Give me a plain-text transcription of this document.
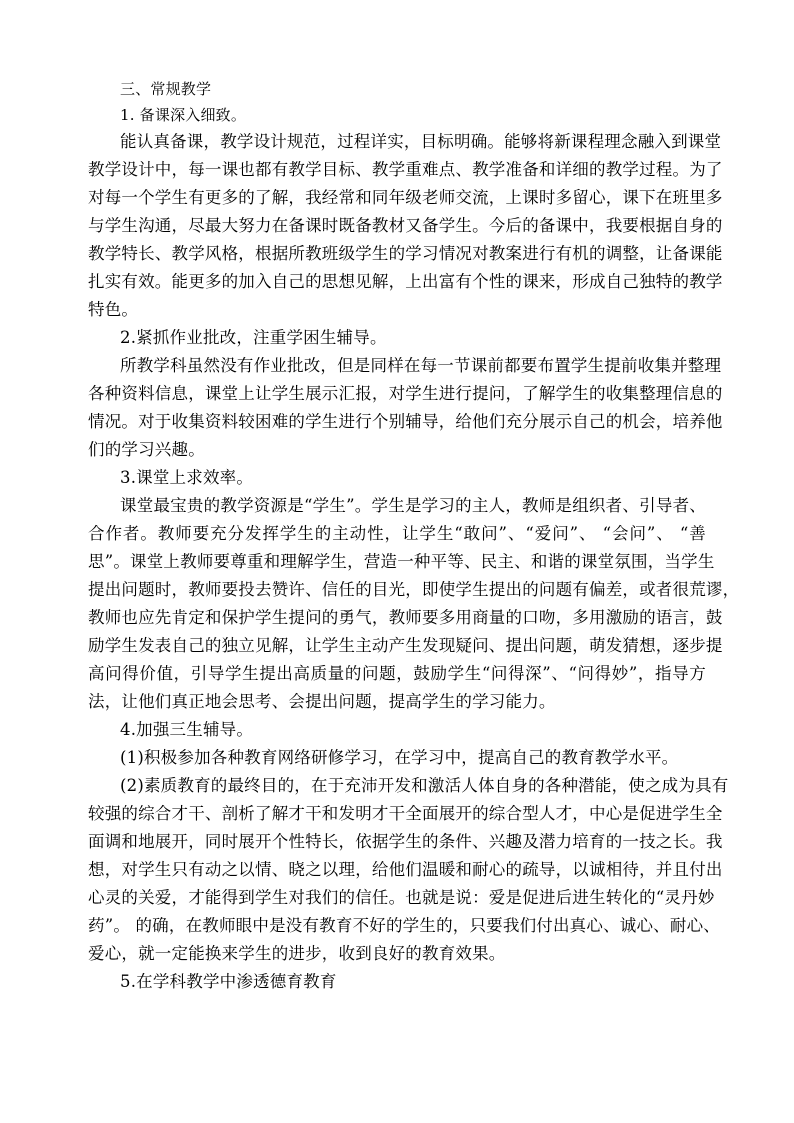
三、常规教学
1. 备课深入细致。
能认真备课，教学设计规范，过程详实，目标明确。能够将新课程理念融入到课堂
教学设计中，每一课也都有教学目标、教学重难点、教学准备和详细的教学过程。为了
对每一个学生有更多的了解，我经常和同年级老师交流，上课时多留心，课下在班里多
与学生沟通，尽最大努力在备课时既备教材又备学生。今后的备课中，我要根据自身的
教学特长、教学风格，根据所教班级学生的学习情况对教案进行有机的调整，让备课能
扎实有效。能更多的加入自己的思想见解，上出富有个性的课来，形成自己独特的教学
特色。
2.紧抓作业批改，注重学困生辅导。
所教学科虽然没有作业批改，但是同样在每一节课前都要布置学生提前收集并整理
各种资料信息，课堂上让学生展示汇报，对学生进行提问，了解学生的收集整理信息的
情况。对于收集资料较困难的学生进行个别辅导，给他们充分展示自己的机会，培养他
们的学习兴趣。
3.课堂上求效率。
课堂最宝贵的教学资源是“学生”。学生是学习的主人，教师是组织者、引导者、
合作者。教师要充分发挥学生的主动性，让学生“敢问”、“爱问”、 “会问”、 “善
思”。课堂上教师要尊重和理解学生，营造一种平等、民主、和谐的课堂氛围，当学生
提出问题时，教师要投去赞许、信任的目光，即使学生提出的问题有偏差，或者很荒谬，
教师也应先肯定和保护学生提问的勇气，教师要多用商量的口吻，多用激励的语言，鼓
励学生发表自己的独立见解，让学生主动产生发现疑问、提出问题，萌发猜想，逐步提
高问得价值，引导学生提出高质量的问题，鼓励学生“问得深”、“问得妙”，指导方
法，让他们真正地会思考、会提出问题，提高学生的学习能力。
4.加强三生辅导。
(1)积极参加各种教育网络研修学习，在学习中，提高自己的教育教学水平。
(2)素质教育的最终目的，在于充沛开发和激活人体自身的各种潜能，使之成为具有
较强的综合才干、剖析了解才干和发明才干全面展开的综合型人才，中心是促进学生全
面调和地展开，同时展开个性特长，依据学生的条件、兴趣及潜力培育的一技之长。我
想，对学生只有动之以情、晓之以理，给他们温暖和耐心的疏导，以诚相待，并且付出
心灵的关爱，才能得到学生对我们的信任。也就是说：爱是促进后进生转化的“灵丹妙
药”。 的确，在教师眼中是没有教育不好的学生的，只要我们付出真心、诚心、耐心、
爱心，就一定能换来学生的进步，收到良好的教育效果。
5.在学科教学中渗透德育教育
